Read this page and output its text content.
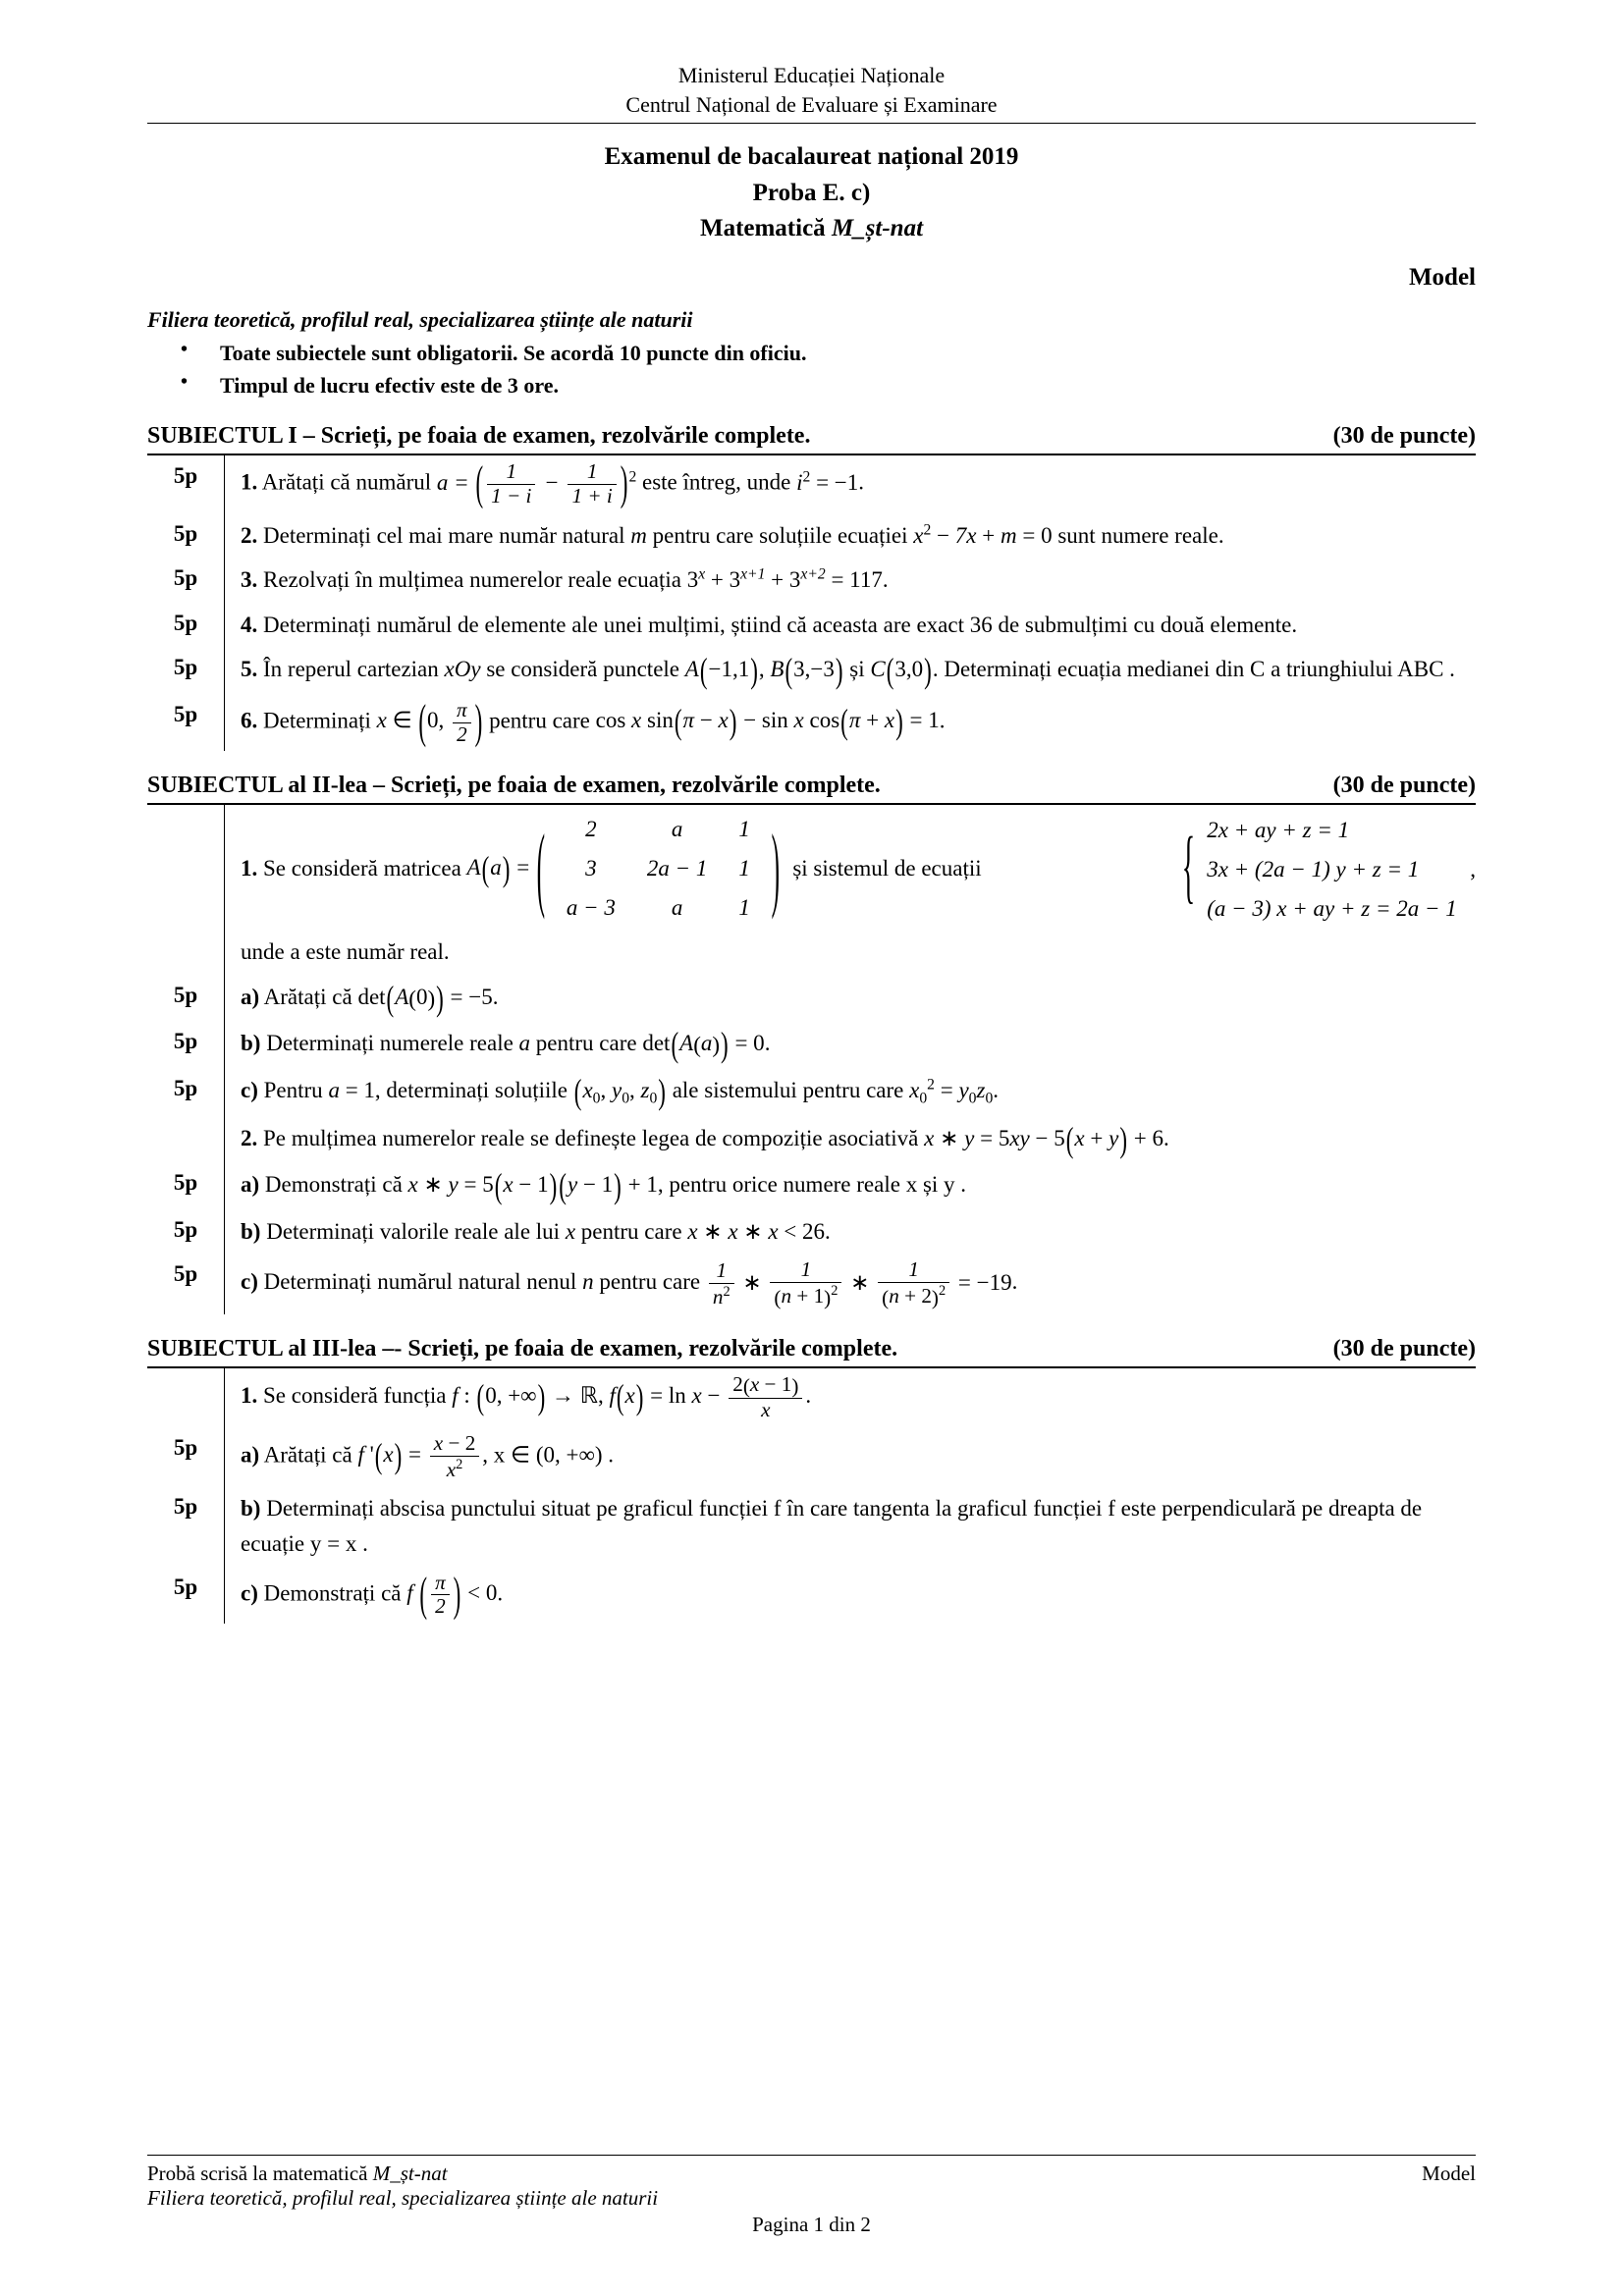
Ministerul Educației Naționale
Centrul Național de Evaluare și Examinare
Examenul de bacalaureat național 2019
Proba E. c)
Matematică M_șt-nat
Model
Filiera teoretică, profilul real, specializarea științe ale naturii
• Toate subiectele sunt obligatorii. Se acordă 10 puncte din oficiu.
• Timpul de lucru efectiv este de 3 ore.
SUBIECTUL I – Scrieți, pe foaia de examen, rezolvările complete.	(30 de puncte)
5p	1. Arătați că numărul a = ( $\frac{1}{1 - i} - \frac{1}{1 + i} )^2$ este întreg, unde $i^2 = -1$.
5p	2. Determinați cel mai mare număr natural m pentru care soluțiile ecuației $x^2 - 7x + m = 0$ sunt numere reale.
5p	3. Rezolvați în mulțimea numerelor reale ecuația $3^x + 3^{x+1} + 3^{x+2} = 117$.
5p	4. Determinați numărul de elemente ale unei mulțimi, știind că aceasta are exact 36 de submulțimi cu două elemente.
5p	5. În reperul cartezian xOy se consideră punctele A(−1,1), B(3,−3) și C(3,0). Determinați ecuația medianei din C a triunghiului ABC .
5p	6. Determinați x ∈ (0, $\frac{\pi}{2}$ ) pentru care cos x sin(π − x) − sin x cos(π + x) = 1.
SUBIECTUL al II-lea – Scrieți, pe foaia de examen, rezolvările complete.	(30 de puncte)

1.
Se consideră matricea
A(a) = ( 2	a	1
3	2a − 1	1
a − 3	a	1 )
și sistemul de ecuații
	{ 2x + ay + z = 1
3x + (2a − 1) y + z = 1
(a − 3) x + ay + z = 2a − 1

,
unde a este număr real.

5p	a) Arătați că det(A(0)) = −5.
5p	b) Determinați numerele reale a pentru care det(A(a)) = 0.
5p	c) Pentru a = 1, determinați soluțiile ($x_0$, $y_0$, $z_0$) ale sistemului pentru care $x_0^2 = y_0z_0$.
	2. Pe mulțimea numerelor reale se definește legea de compoziție asociativă x ∗ y = 5xy − 5(x + y) + 6.
5p	a) Demonstrați că x ∗ y = 5(x − 1)(y − 1) + 1, pentru orice numere reale x și y .
5p	b) Determinați valorile reale ale lui x pentru care x ∗ x ∗ x < 26.
5p	c) Determinați numărul natural nenul n pentru care $\frac{1}{n^2}$ ∗ $\frac{1}{(n + 1)^2}$ ∗ $\frac{1}{(n + 2)^2} = -19$.
SUBIECTUL al III-lea –- Scrieți, pe foaia de examen, rezolvările complete.	(30 de puncte)
	1. Se consideră funcția f : (0, +∞) → ℝ, $f(x) = \ln x - \frac{2(x - 1)}{x}$ .
5p	a) Arătați că f '$(x) = \frac{x - 2}{x^2}$ , x ∈ (0, +∞) .
5p	b) Determinați abscisa punctului situat pe graficul funcției f în care tangenta la graficul funcției f este perpendiculară pe dreapta de ecuație y = x .
5p	c) Demonstrați că f ( $\frac{\pi}{2}$ ) < 0.
Probă scrisă la matematică M_șt-nat	Model
Filiera teoretică, profilul real, specializarea științe ale naturii
Pagina 1 din 2
